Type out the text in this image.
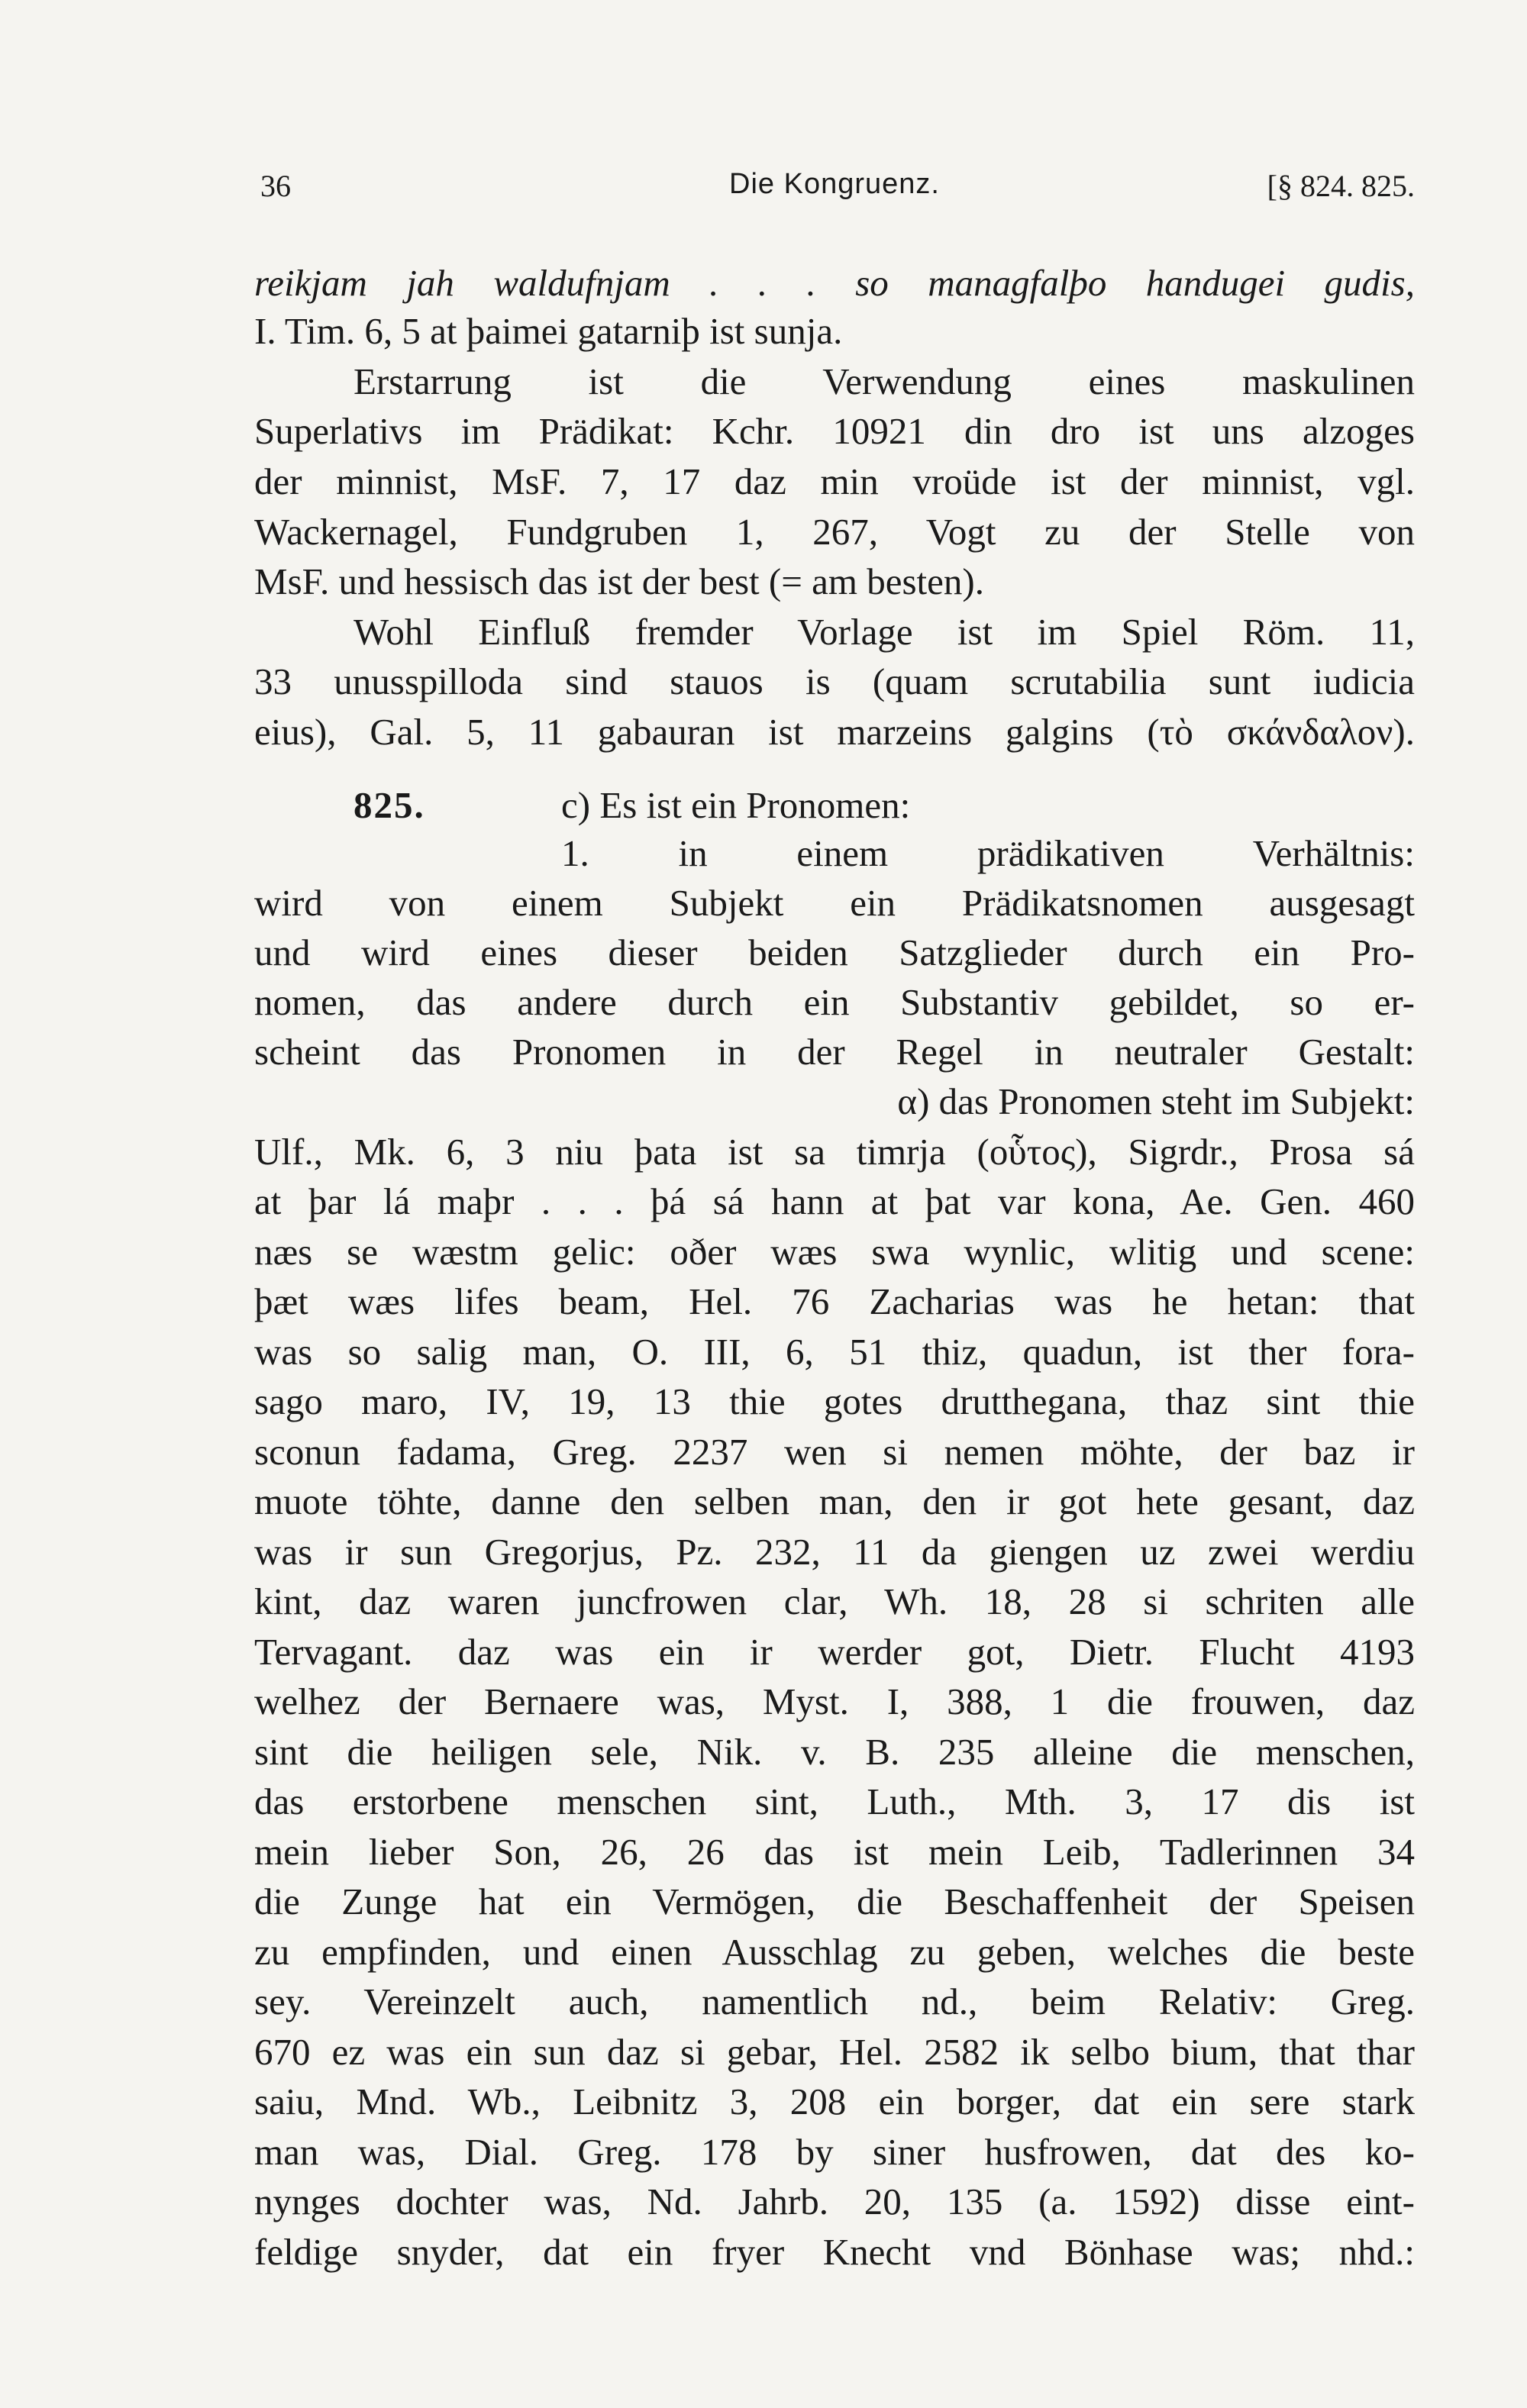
36	Die Kongruenz.	[§ 824. 825.
reikjam jah waldufnjam . . . so managfalþo handugei gudis,
I. Tim. 6, 5 at þaimei gatarniþ ist sunja.
Erstarrung ist die Verwendung eines maskulinen
Superlativs im Prädikat: Kchr. 10921 din dro ist uns alzoges
der minnist, MsF. 7, 17 daz min vroüde ist der minnist, vgl.
Wackernagel, Fundgruben 1, 267, Vogt zu der Stelle von
MsF. und hessisch das ist der best (= am besten).
Wohl Einfluß fremder Vorlage ist im Spiel Röm. 11,
33 unusspilloda sind stauos is (quam scrutabilia sunt iudicia
eius), Gal. 5, 11 gabauran ist marzeins galgins (τὸ σκάνδαλον).
825.	c) Es ist ein Pronomen:
1. in einem prädikativen Verhältnis:
wird von einem Subjekt ein Prädikatsnomen ausgesagt
und wird eines dieser beiden Satzglieder durch ein Pro-
nomen, das andere durch ein Substantiv gebildet, so er-
scheint das Pronomen in der Regel in neutraler Gestalt:
α) das Pronomen steht im Subjekt:
Ulf., Mk. 6, 3 niu þata ist sa timrja (οὗτος), Sigrdr., Prosa sá
at þar lá maþr . . . þá sá hann at þat var kona, Ae. Gen. 460
næs se wæstm gelic: oðer wæs swa wynlic, wlitig und scene:
þæt wæs lifes beam, Hel. 76 Zacharias was he hetan: that
was so salig man, O. III, 6, 51 thiz, quadun, ist ther fora-
sago maro, IV, 19, 13 thie gotes drutthegana, thaz sint thie
sconun fadama, Greg. 2237 wen si nemen möhte, der baz ir
muote töhte, danne den selben man, den ir got hete gesant, daz
was ir sun Gregorjus, Pz. 232, 11 da giengen uz zwei werdiu
kint, daz waren juncfrowen clar, Wh. 18, 28 si schriten alle
Tervagant. daz was ein ir werder got, Dietr. Flucht 4193
welhez der Bernaere was, Myst. I, 388, 1 die frouwen, daz
sint die heiligen sele, Nik. v. B. 235 alleine die menschen,
das erstorbene menschen sint, Luth., Mth. 3, 17 dis ist
mein lieber Son, 26, 26 das ist mein Leib, Tadlerinnen 34
die Zunge hat ein Vermögen, die Beschaffenheit der Speisen
zu empfinden, und einen Ausschlag zu geben, welches die beste
sey. Vereinzelt auch, namentlich nd., beim Relativ: Greg.
670 ez was ein sun daz si gebar, Hel. 2582 ik selbo bium, that thar
saiu, Mnd. Wb., Leibnitz 3, 208 ein borger, dat ein sere stark
man was, Dial. Greg. 178 by siner husfrowen, dat des ko-
nynges dochter was, Nd. Jahrb. 20, 135 (a. 1592) disse eint-
feldige snyder, dat ein fryer Knecht vnd Bönhase was; nhd.:
